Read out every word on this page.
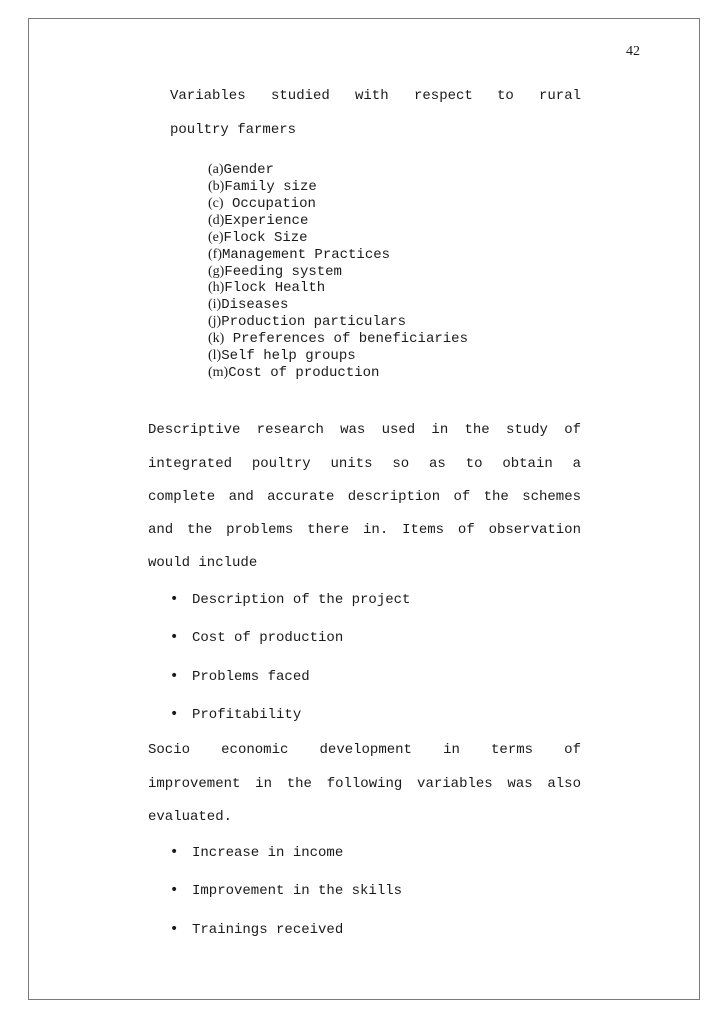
42
Variables studied with respect to rural
poultry farmers
(a)Gender
(b)Family size
(c) Occupation
(d)Experience
(e)Flock Size
(f)Management Practices
(g)Feeding system
(h)Flock Health
(i)Diseases
(j)Production particulars
(k) Preferences of beneficiaries
(l)Self help groups
(m)Cost of production
Descriptive research was used in the study of
integrated poultry units so as to obtain a
complete and accurate description of the schemes
and the problems there in. Items of observation
would include
• Description of the project
• Cost of production
• Problems faced
• Profitability
Socio economic development in terms of
improvement in the following variables was also
evaluated.
• Increase in income
• Improvement in the skills
• Trainings received
